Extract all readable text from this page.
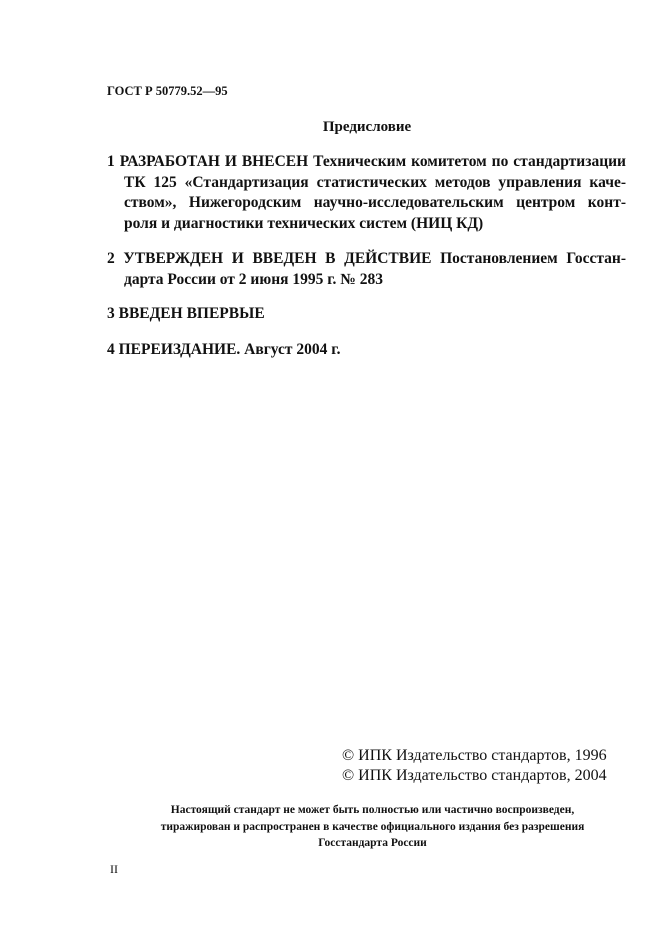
ГОСТ Р 50779.52—95
Предисловие
1 РАЗРАБОТАН И ВНЕСЕН Техническим комитетом по стандартизации
ТК 125 «Стандартизация статистических методов управления каче-
ством», Нижегородским научно-исследовательским центром конт-
роля и диагностики технических систем (НИЦ КД)
2 УТВЕРЖДЕН И ВВЕДЕН В ДЕЙСТВИЕ Постановлением Госстан-
дарта России от 2 июня 1995 г. № 283
3 ВВЕДЕН ВПЕРВЫЕ
4 ПЕРЕИЗДАНИЕ. Август 2004 г.
© ИПК Издательство стандартов, 1996
© ИПК Издательство стандартов, 2004
Настоящий стандарт не может быть полностью или частично воспроизведен,
тиражирован и распространен в качестве официального издания без разрешения
Госстандарта России
II
